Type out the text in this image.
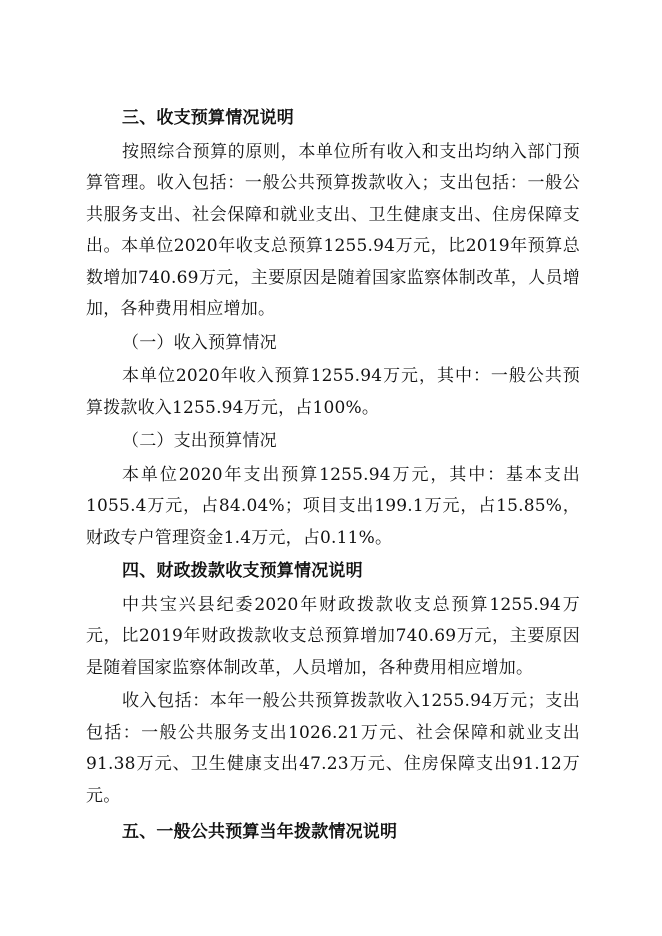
三、收支预算情况说明

按照综合预算的原则，本单位所有收入和支出均纳入部门预算管理。收入包括：一般公共预算拨款收入；支出包括：一般公共服务支出、社会保障和就业支出、卫生健康支出、住房保障支出。本单位2020年收支总预算1255.94万元，比2019年预算总数增加740.69万元，主要原因是随着国家监察体制改革，人员增加，各种费用相应增加。

（一）收入预算情况

本单位2020年收入预算1255.94万元，其中：一般公共预算拨款收入1255.94万元，占100%。

（二）支出预算情况

本单位2020年支出预算1255.94万元，其中：基本支出1055.4万元，占84.04%；项目支出199.1万元，占15.85%，财政专户管理资金1.4万元，占0.11%。

四、财政拨款收支预算情况说明

中共宝兴县纪委2020年财政拨款收支总预算1255.94万元，比2019年财政拨款收支总预算增加740.69万元，主要原因是随着国家监察体制改革，人员增加，各种费用相应增加。

收入包括：本年一般公共预算拨款收入1255.94万元；支出包括：一般公共服务支出1026.21万元、社会保障和就业支出91.38万元、卫生健康支出47.23万元、住房保障支出91.12万元。

五、一般公共预算当年拨款情况说明
